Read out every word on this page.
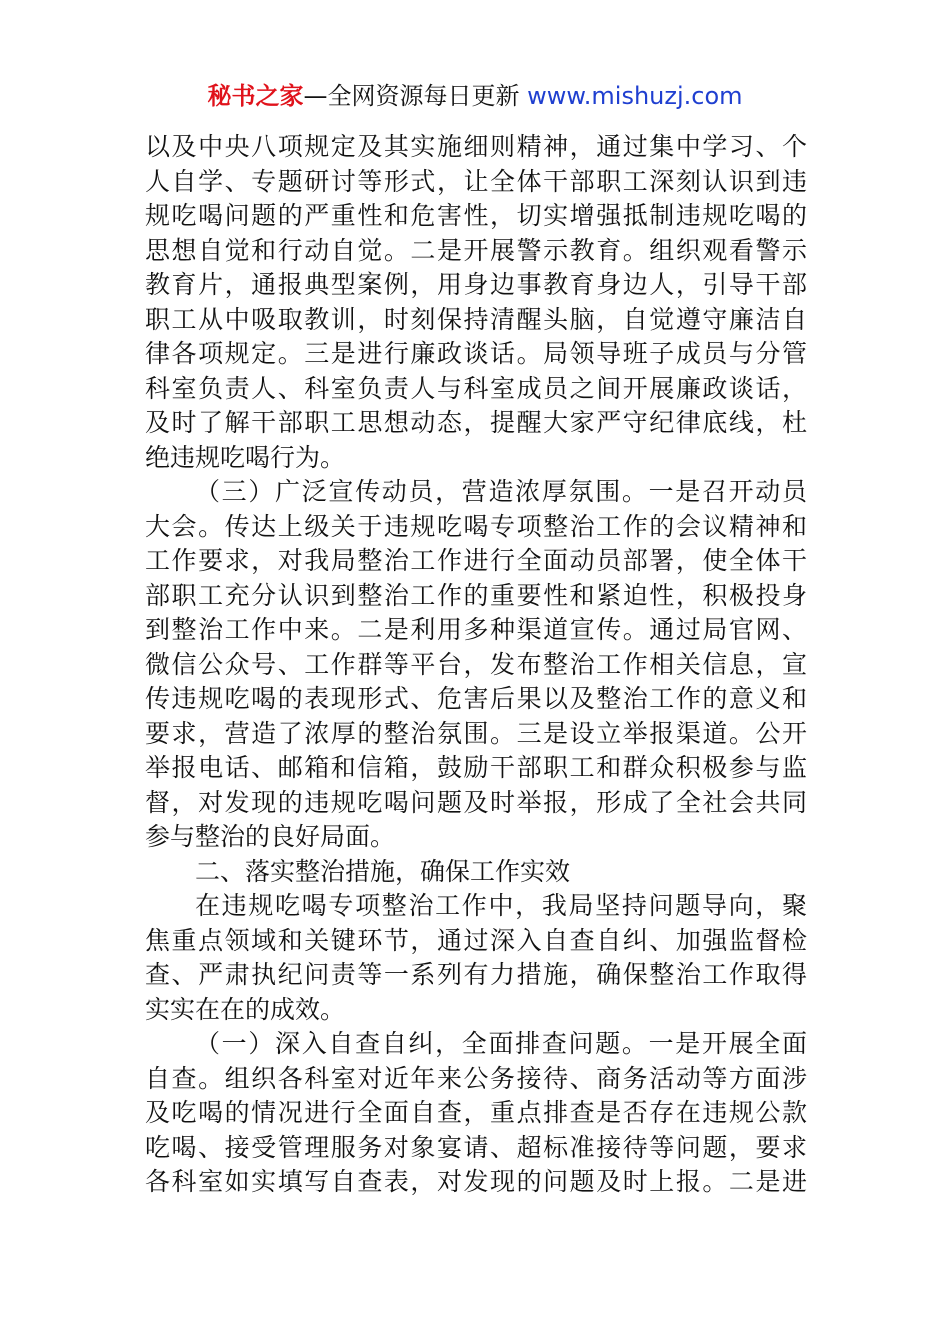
秘书之家—全网资源每日更新 www.mishuzj.com
以及中央八项规定及其实施细则精神，通过集中学习、个
人自学、专题研讨等形式，让全体干部职工深刻认识到违
规吃喝问题的严重性和危害性，切实增强抵制违规吃喝的
思想自觉和行动自觉。二是开展警示教育。组织观看警示
教育片，通报典型案例，用身边事教育身边人，引导干部
职工从中吸取教训，时刻保持清醒头脑，自觉遵守廉洁自
律各项规定。三是进行廉政谈话。局领导班子成员与分管
科室负责人、科室负责人与科室成员之间开展廉政谈话，
及时了解干部职工思想动态，提醒大家严守纪律底线，杜
绝违规吃喝行为。
（三）广泛宣传动员，营造浓厚氛围。一是召开动员
大会。传达上级关于违规吃喝专项整治工作的会议精神和
工作要求，对我局整治工作进行全面动员部署，使全体干
部职工充分认识到整治工作的重要性和紧迫性，积极投身
到整治工作中来。二是利用多种渠道宣传。通过局官网、
微信公众号、工作群等平台，发布整治工作相关信息，宣
传违规吃喝的表现形式、危害后果以及整治工作的意义和
要求，营造了浓厚的整治氛围。三是设立举报渠道。公开
举报电话、邮箱和信箱，鼓励干部职工和群众积极参与监
督，对发现的违规吃喝问题及时举报，形成了全社会共同
参与整治的良好局面。
二、落实整治措施，确保工作实效
在违规吃喝专项整治工作中，我局坚持问题导向，聚
焦重点领域和关键环节，通过深入自查自纠、加强监督检
查、严肃执纪问责等一系列有力措施，确保整治工作取得
实实在在的成效。
（一）深入自查自纠，全面排查问题。一是开展全面
自查。组织各科室对近年来公务接待、商务活动等方面涉
及吃喝的情况进行全面自查，重点排查是否存在违规公款
吃喝、接受管理服务对象宴请、超标准接待等问题，要求
各科室如实填写自查表，对发现的问题及时上报。二是进
